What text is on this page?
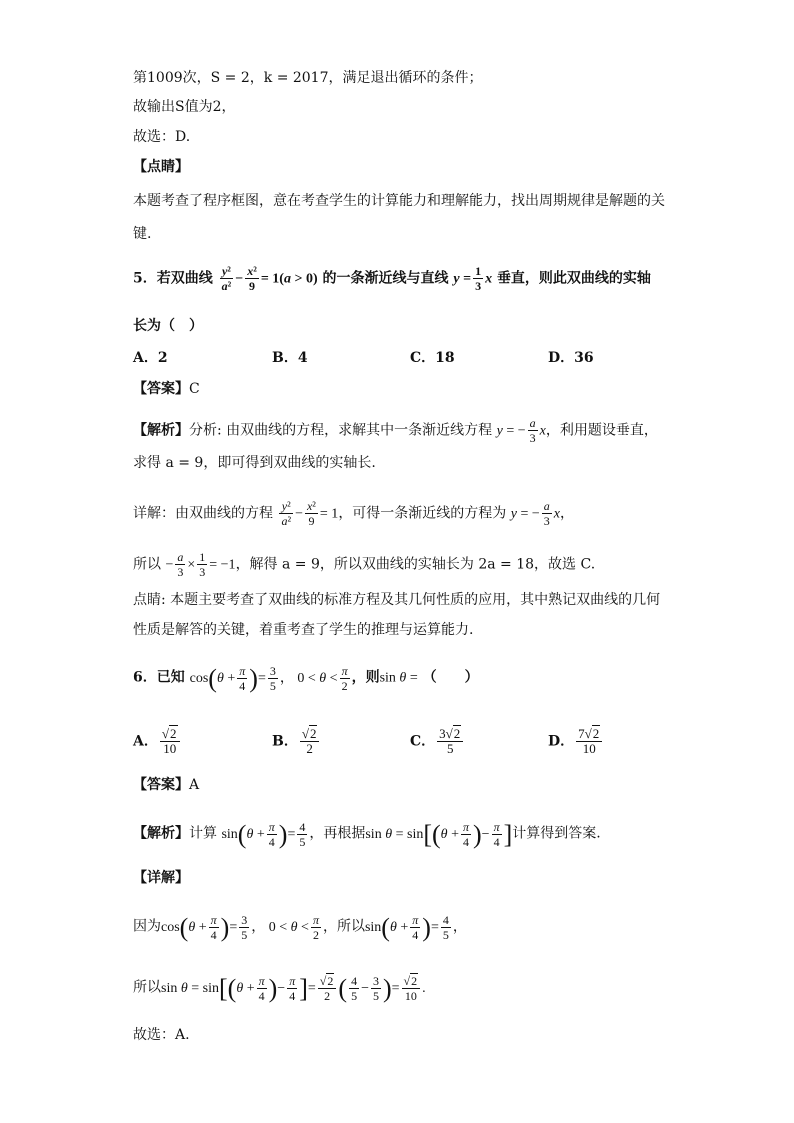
第1009次，S = 2，k = 2017，满足退出循环的条件；
故输出S值为2，
故选：D.
【点睛】
本题考查了程序框图，意在考查学生的计算能力和理解能力，找出周期规律是解题的关
键.
5．若双曲线 $\frac{\text{y²}}{\text{a²}} - \frac{\text{x²}}{9} = 1(a > 0)$ 的一条渐近线与直线 $y = \frac{1}{3}$ x 垂直，则此双曲线的实轴
长为（　）
A．2	B．4	C．18	D．36
【答案】C
【解析】分析: 由双曲线的方程，求解其中一条渐近线方程 y = − $\frac{a}{3}$ x，利用题设垂直，
求得 a = 9，即可得到双曲线的实轴长.
详解：由双曲线的方程 $\frac{\text{y²}}{\text{a²}} - \frac{\text{x²}}{9} = 1$，可得一条渐近线的方程为 y = − $\frac{a}{3}$ x，
所以 − $\frac{a}{3} \times \frac{1}{3} = -1$，解得 a = 9，所以双曲线的实轴长为 2a = 18，故选 C.
点睛: 本题主要考查了双曲线的标准方程及其几何性质的应用，其中熟记双曲线的几何
性质是解答的关键，着重考查了学生的推理与运算能力.
6．已知 $\cos(\theta + \frac{\pi}{4}$ )= $\frac{3}{5}$ ， $0 < \theta < \frac{\pi}{2}$ ，则sin θ = （　　）
A． $\frac{√2}{10}$	B． $\frac{√2}{2}$	C． $\frac{3√2}{5}$	D． $\frac{7√2}{10}$
【答案】A
【解析】计算 $\sin(\theta + \frac{\pi}{4}$ )= $\frac{4}{5}$ ，再根据$\sin \theta = \sin[(\theta + \frac{\pi}{4}$ )− $\frac{\pi}{4}$ ]计算得到答案.
【详解】
因为$\cos(\theta + \frac{\pi}{4}$ )= $\frac{3}{5}$ ， $0 < \theta < \frac{\pi}{2}$ ，所以$\sin(\theta + \frac{\pi}{4}$ )= $\frac{4}{5}$ ，
所以$\sin \theta = \sin[(\theta + \frac{\pi}{4}$ )− $\frac{\pi}{4}$ ]= $\frac{√2}{2}$ ( $\frac{4}{5} - \frac{3}{5}$ )= $\frac{√2}{10}$ .
故选：A.
